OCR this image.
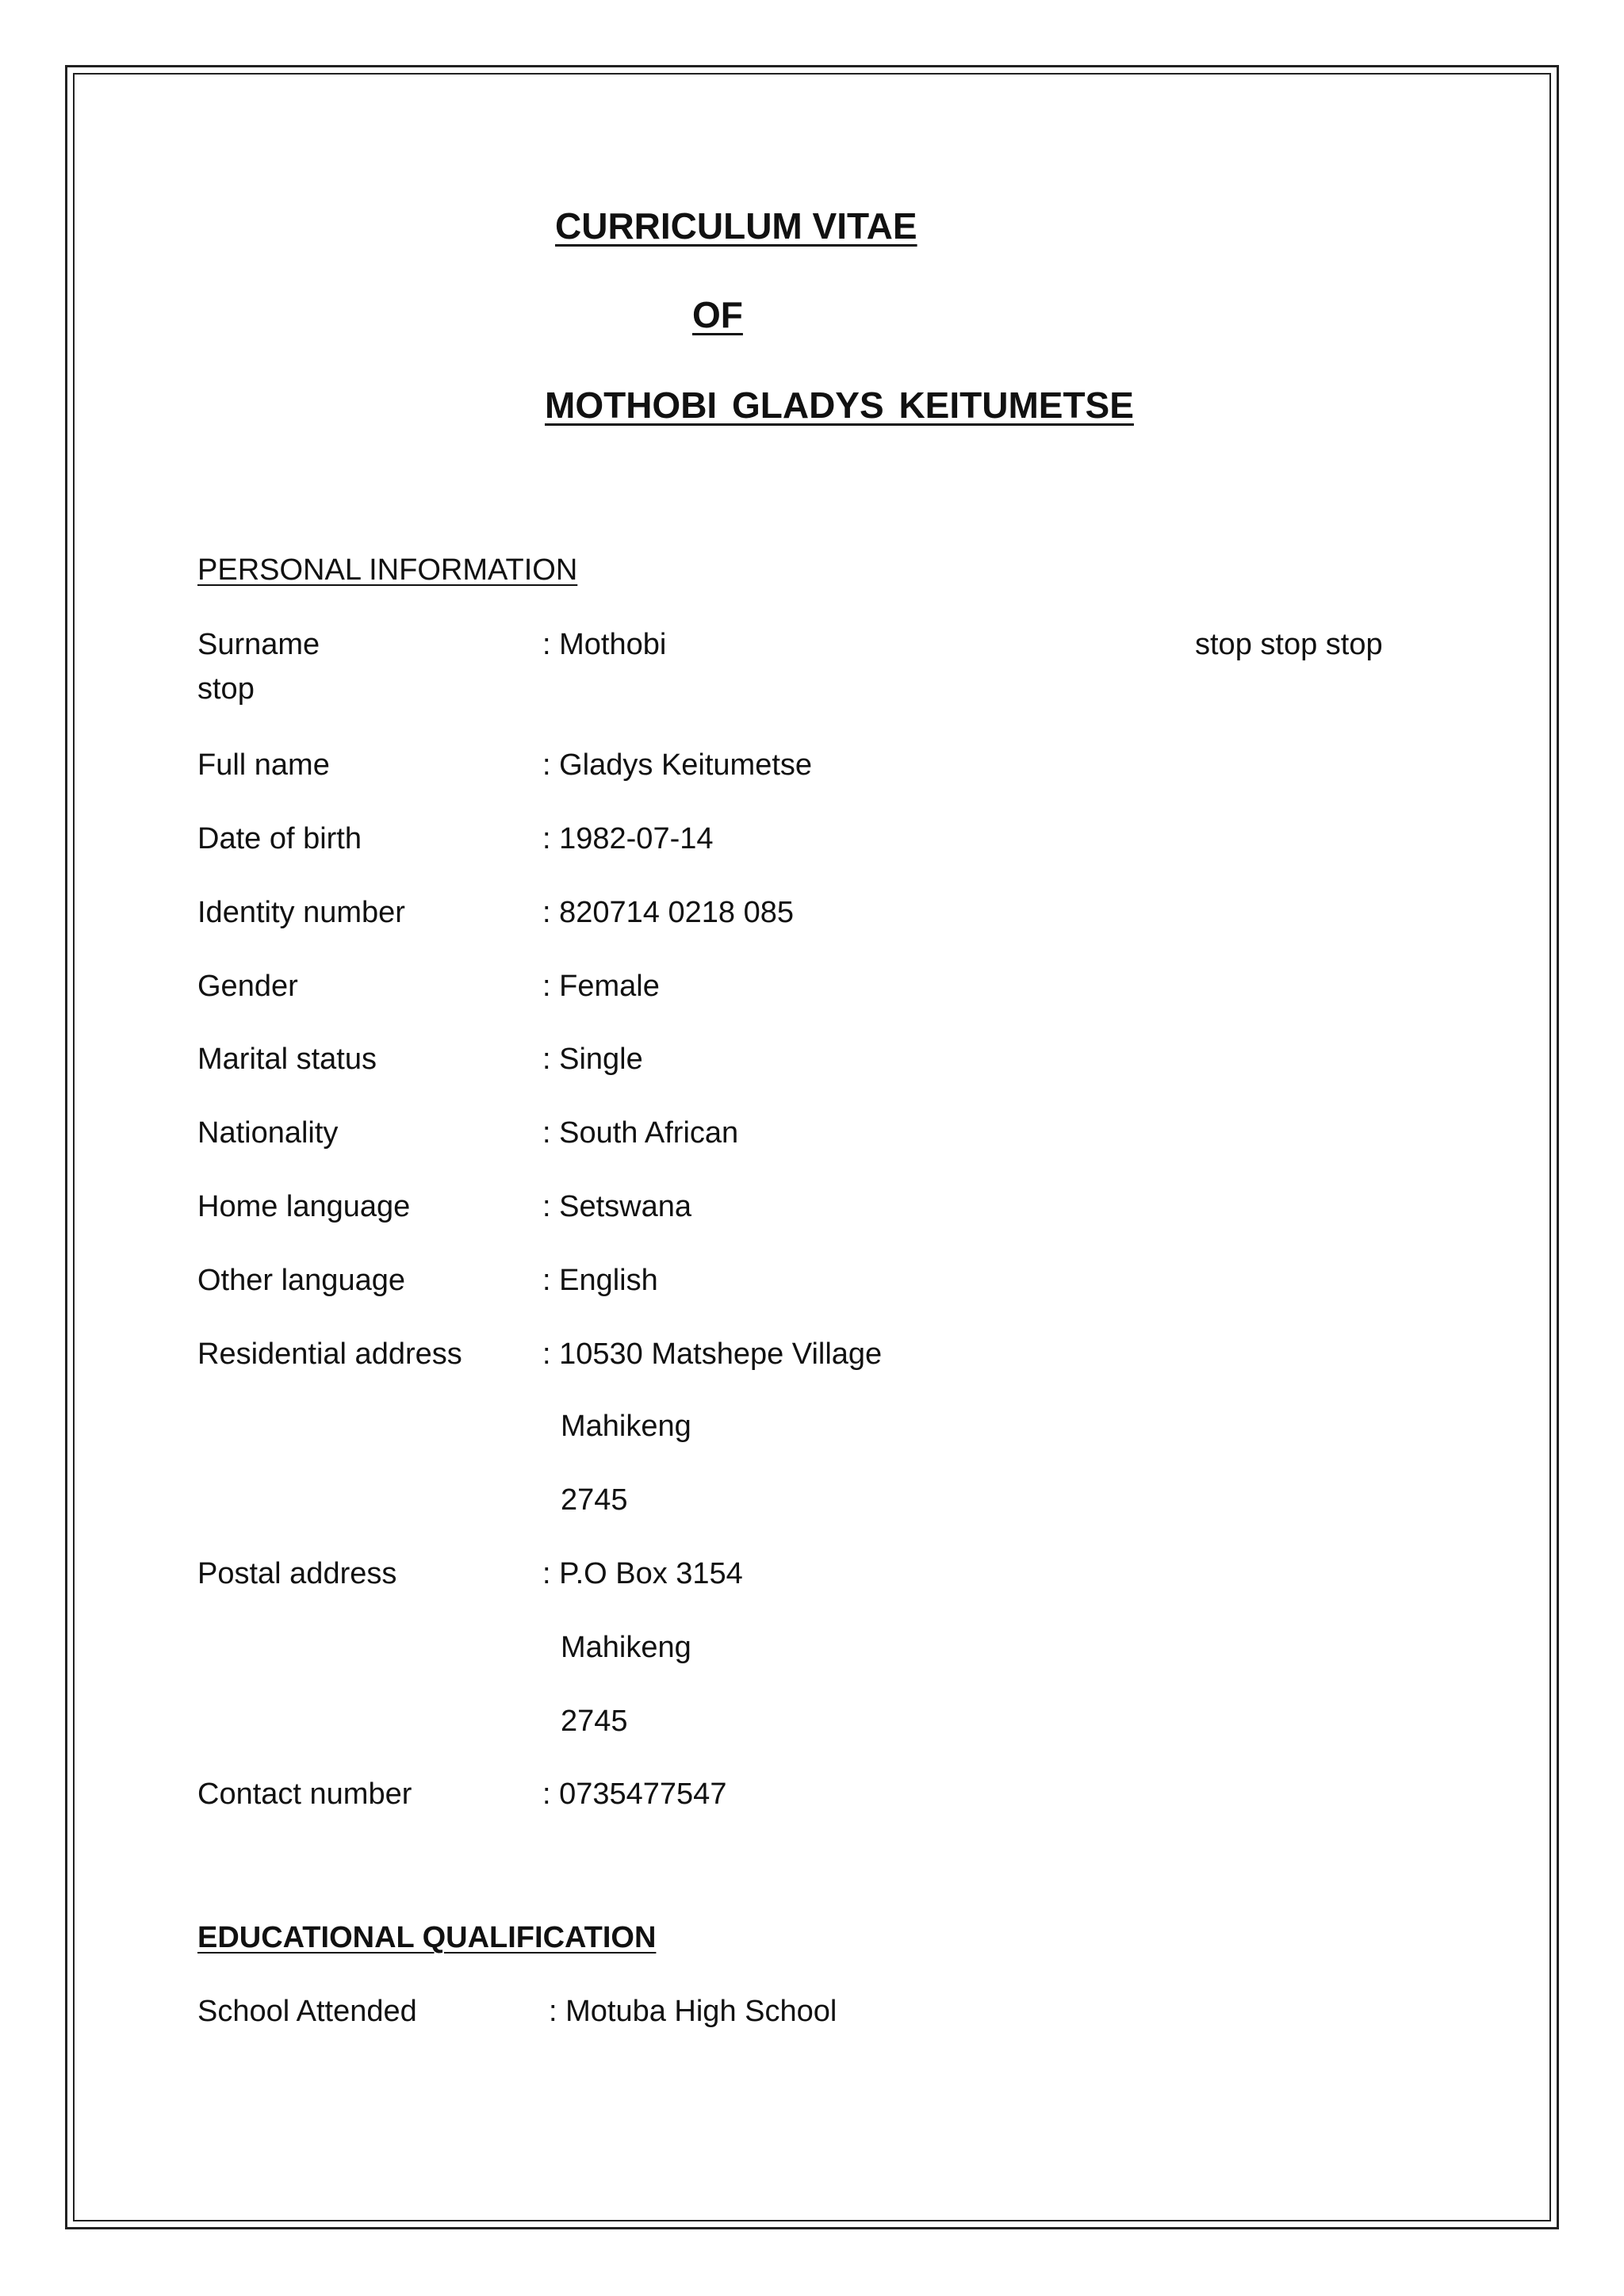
CURRICULUM VITAE
OF
MOTHOBI GLADYS KEITUMETSE
PERSONAL INFORMATION
Surname	: Mothobi	stop stop stop
stop
Full name	: Gladys Keitumetse
Date of birth	: 1982-07-14
Identity number	: 820714 0218 085
Gender	: Female
Marital status	: Single
Nationality	: South African
Home language	: Setswana
Other language	: English
Residential address	: 10530 Matshepe Village
Mahikeng
2745
Postal address	: P.O Box 3154
Mahikeng
2745
Contact number	: 0735477547
EDUCATIONAL QUALIFICATION
School Attended	: Motuba High School
